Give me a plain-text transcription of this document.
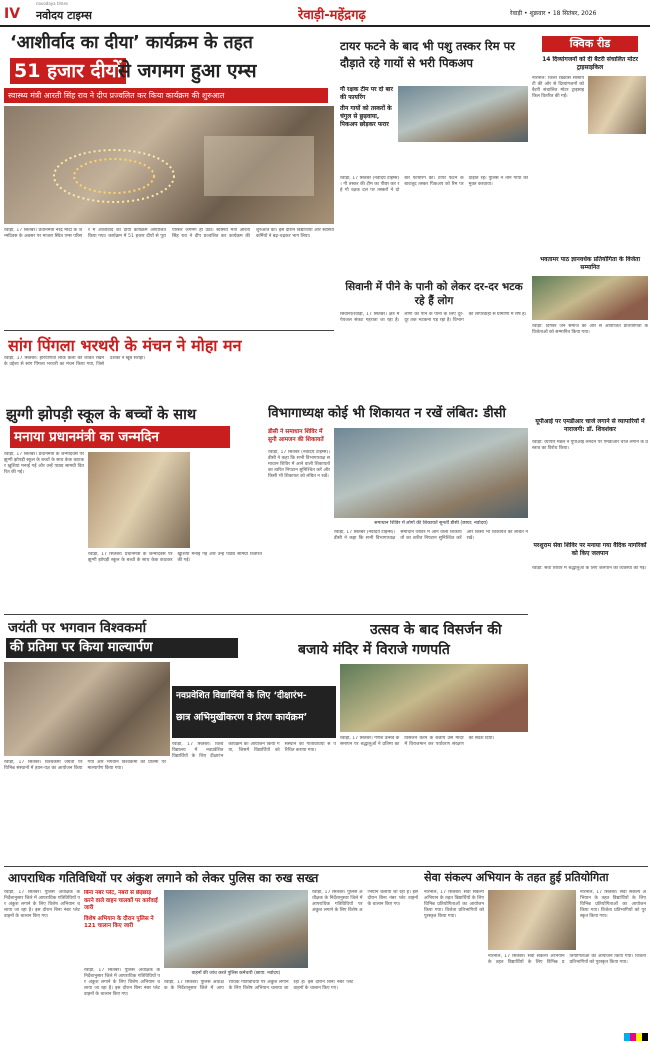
IV
navodaya times
नवोदय टाइम्स	रेवाड़ी-महेंद्रगढ़	रेवाड़ी • शुक्रवार • 18 सितंबर, 2026
‘आशीर्वाद का दीया’ कार्यक्रम के तहत
51 हजार दीयों
से जगमग हुआ एम्स
स्वास्थ्य मंत्री आरती सिंह राव ने दीप प्रज्वलित कर किया कार्यक्रम की शुरुआत
रेवाड़ी, 17 सितंबर। प्रधानमंत्री नरेंद्र मोदी के जन्मदिवस के अवसर पर माजरा स्थित एम्स परिसर में आशीर्वाद का दीया कार्यक्रम आयोजित किया गया। कार्यक्रम में 51 हजार दीयों से पूरा परिसर जगमग हो उठा। स्वास्थ्य मंत्री आरती सिंह राव ने दीप प्रज्वलित कर कार्यक्रम की शुरुआत की। इस दौरान विद्यार्थियों और स्वास्थ्य कर्मियों ने बढ़-चढ़कर भाग लिया।
टायर फटने के बाद भी पशु तस्कर रिम पर दौड़ाते रहे गायों से भरी पिकअप
गौ रक्षक टीम पर दो बार की फायरिंग
तीन गायों को तस्करों के चंगुल से छुड़वाया, पिकअप छोड़कर फरार
रेवाड़ी, 17 सितंबर (नवोदय टाइम्स)। गौ तस्कर की टीम का पीछा कर रहे गौ रक्षक दल पर तस्करों ने दो बार फायरिंग की। टायर फटने के बावजूद तस्कर पिकअप को रिम पर दौड़ाते रहे। पुलिस ने तीन गायों को मुक्त करवाया।
क्विक रीड
14 दिव्यांगजनों को दी बैटरी संचालित मोटर ट्राइसाइकिल
नारनौल: जिला रेडक्रॉस सोसायटी की ओर से दिव्यांगजनों को बैटरी संचालित मोटर ट्राइसाइकिल वितरित की गईं।
भवतामर पाठ ज्ञानवर्धक प्रतियोगिता के विजेता सम्मानित
रेवाड़ी: दिगंबर जैन समाज की ओर से आयोजित प्रतियोगिता के विजेताओं को सम्मानित किया गया।
यूपीआई पर एमडीआर चार्ज लगाने से व्यापारियों में नाराजगी: डॉ. शिवशंकर
रेवाड़ी: व्यापार मंडल ने यूपीआई लेनदेन पर एमडीआर चार्ज लगाने के प्रस्ताव का विरोध किया।
परशुराम सेवा शिविर पर मनाया गया वैदिक नागरिकों को किए जलपान
रेवाड़ी: सेवा शिविर में श्रद्धालुओं के लिए जलपान की व्यवस्था की गई।
सिवानी में पीने के पानी को लेकर दर-दर भटक रहे हैं लोग
सिवानी/रेवाड़ी, 17 सितंबर। क्षेत्र में पेयजल संकट गहराता जा रहा है। लोगों को पीने के पानी के लिए दूर-दूर तक भटकना पड़ रहा है। विभाग की लापरवाही से ग्रामीणों में रोष है।
सांग पिंगला भरथरी के मंचन ने मोहा मन
रेवाड़ी, 17 सितंबर। हरियाणवी लोक कला को जीवंत रखने के उद्देश्य से सांग पिंगला भरथरी का मंचन किया गया, जिसे दर्शकों ने खूब सराहा।
झुग्गी झोपड़ी स्कूल के बच्चों के साथ
मनाया प्रधानमंत्री का जन्मदिन
रेवाड़ी, 17 सितंबर। प्रधानमंत्री के जन्मदिवस पर झुग्गी झोपड़ी स्कूल के बच्चों के साथ केक काटकर खुशियां मनाई गईं और उन्हें पाठ्य सामग्री वितरित की गई।
रेवाड़ी, 17 सितंबर। प्रधानमंत्री के जन्मदिवस पर झुग्गी झोपड़ी स्कूल के बच्चों के साथ केक काटकर खुशियां मनाई गईं और उन्हें पाठ्य सामग्री वितरित की गई।
विभागाध्यक्ष कोई भी शिकायत न रखें लंबित: डीसी
डीसी ने समाधान शिविर में सुनी आमजन की शिकायतें
रेवाड़ी, 17 सितंबर (नवोदय टाइम्स)। डीसी ने कहा कि सभी विभागाध्यक्ष समाधान शिविर में आने वाली शिकायतों का त्वरित निपटान सुनिश्चित करें और किसी भी शिकायत को लंबित न रखें।
समाधान शिविर में लोगों की शिकायतें सुनतीं डीसी (छाया: नवोदय)
रेवाड़ी, 17 सितंबर (नवोदय टाइम्स)। डीसी ने कहा कि सभी विभागाध्यक्ष समाधान शिविर में आने वाली शिकायतों का त्वरित निपटान सुनिश्चित करें और किसी भी शिकायत को लंबित न रखें।
जयंती पर भगवान विश्वकर्मा
की प्रतिमा पर किया माल्यार्पण
रेवाड़ी, 17 सितंबर। विश्वकर्मा जयंती पर विभिन्न संस्थानों में हवन-यज्ञ का आयोजन किया गया और भगवान विश्वकर्मा की प्रतिमा पर माल्यार्पण किया गया।
उत्सव के बाद विसर्जन की
बजाये मंदिर में विराजे गणपति
नवप्रवेशित विद्यार्थियों के लिए ‘दीक्षारंभ-
छात्र अभिमुखीकरण व प्रेरण कार्यक्रम’
रेवाड़ी, 17 सितंबर। विश्वविद्यालय में नवप्रवेशित विद्यार्थियों के लिए दीक्षारंभ कार्यक्रम का आयोजन किया गया, जिसमें विद्यार्थियों को संस्थान की गतिविधियों से परिचित कराया गया।
रेवाड़ी, 17 सितंबर। गणेश उत्सव के समापन पर श्रद्धालुओं ने प्रतिमा का विसर्जन करने के बजाय उसे मंदिर में विराजमान कर पर्यावरण संरक्षण का संदेश दिया।
आपराधिक गतिविधियों पर अंकुश लगाने को लेकर पुलिस का रुख सख्त
रेवाड़ी, 17 सितंबर। पुलिस अधीक्षक के निर्देशानुसार जिले में आपराधिक गतिविधियों पर अंकुश लगाने के लिए विशेष अभियान चलाया जा रहा है। इस दौरान बिना नंबर प्लेट वाहनों के चालान किए गए।
बिना नंबर प्लेट, नंबरों से छेड़छाड़ करने वाले वाहन चालकों पर कार्रवाई जारी
विशेष अभियान के दौरान पुलिस ने 121 चालान किए जारी
रेवाड़ी, 17 सितंबर। पुलिस अधीक्षक के निर्देशानुसार जिले में आपराधिक गतिविधियों पर अंकुश लगाने के लिए विशेष अभियान चलाया जा रहा है। इस दौरान बिना नंबर प्लेट वाहनों के चालान किए गए।
वाहनों की जांच करते पुलिस कर्मचारी (छाया: नवोदय)
रेवाड़ी, 17 सितंबर। पुलिस अधीक्षक के निर्देशानुसार जिले में आपराधिक गतिविधियों पर अंकुश लगाने के लिए विशेष अभियान चलाया जा रहा है। इस दौरान बिना नंबर प्लेट वाहनों के चालान किए गए।
रेवाड़ी, 17 सितंबर। पुलिस अधीक्षक के निर्देशानुसार जिले में आपराधिक गतिविधियों पर अंकुश लगाने के लिए विशेष अभियान चलाया जा रहा है। इस दौरान बिना नंबर प्लेट वाहनों के चालान किए गए।
सेवा संकल्प अभियान के तहत हुई प्रतियोगिता
नारनौल, 17 सितंबर। सेवा संकल्प अभियान के तहत विद्यार्थियों के लिए विभिन्न प्रतियोगिताओं का आयोजन किया गया। विजेता प्रतिभागियों को पुरस्कृत किया गया।
नारनौल, 17 सितंबर। सेवा संकल्प अभियान के तहत विद्यार्थियों के लिए विभिन्न प्रतियोगिताओं का आयोजन किया गया। विजेता प्रतिभागियों को पुरस्कृत किया गया।
नारनौल, 17 सितंबर। सेवा संकल्प अभियान के तहत विद्यार्थियों के लिए विभिन्न प्रतियोगिताओं का आयोजन किया गया। विजेता प्रतिभागियों को पुरस्कृत किया गया।
